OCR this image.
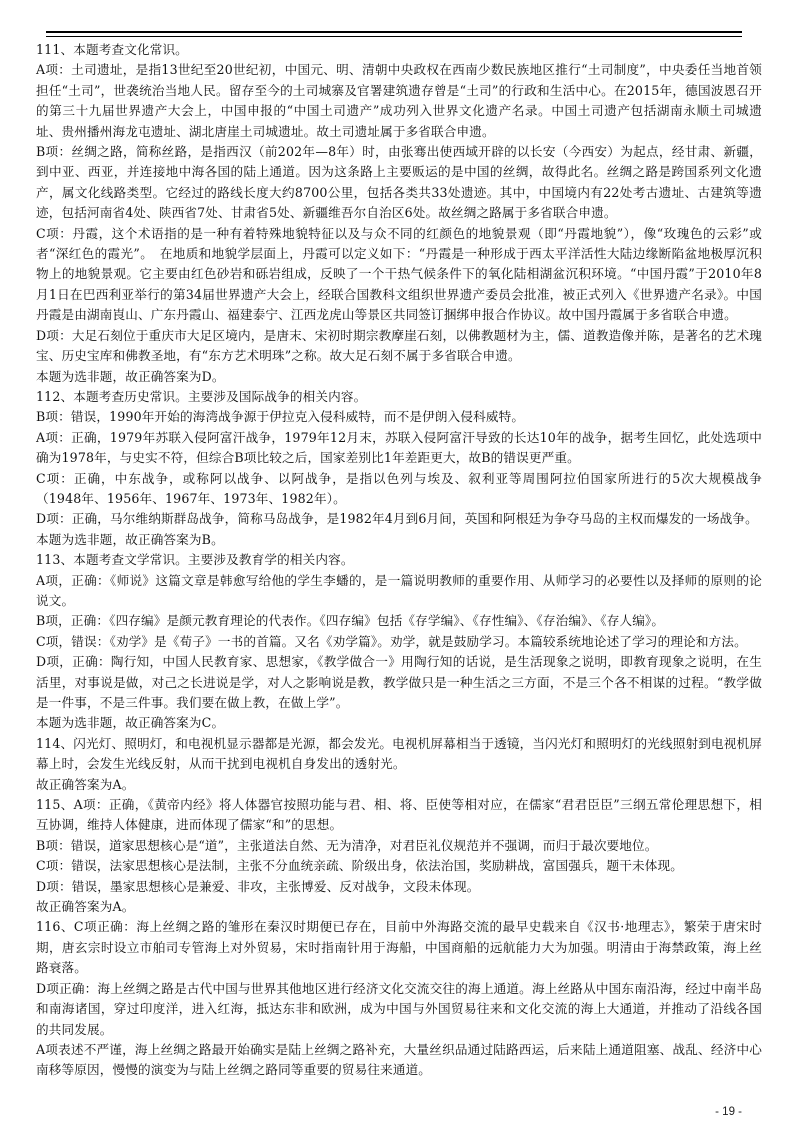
111、本题考查文化常识。

A项：土司遗址，是指13世纪至20世纪初，中国元、明、清朝中央政权在西南少数民族地区推行“土司制度”，中央委任当地首领担任“土司”，世袭统治当地人民。留存至今的土司城寨及官署建筑遗存曾是“土司”的行政和生活中心。在2015年，德国波恩召开的第三十九届世界遗产大会上，中国申报的“中国土司遗产”成功列入世界文化遗产名录。中国土司遗产包括湖南永顺土司城遗址、贵州播州海龙屯遗址、湖北唐崖土司城遗址。故土司遗址属于多省联合申遗。

B项：丝绸之路，简称丝路，是指西汉（前202年—8年）时，由张骞出使西域开辟的以长安（今西安）为起点，经甘肃、新疆，到中亚、西亚，并连接地中海各国的陆上通道。因为这条路上主要贩运的是中国的丝绸，故得此名。丝绸之路是跨国系列文化遗产，属文化线路类型。它经过的路线长度大约8700公里，包括各类共33处遗迹。其中，中国境内有22处考古遗址、古建筑等遗迹，包括河南省4处、陕西省7处、甘肃省5处、新疆维吾尔自治区6处。故丝绸之路属于多省联合申遗。

C项：丹霞，这个术语指的是一种有着特殊地貌特征以及与众不同的红颜色的地貌景观（即“丹霞地貌”），像“玫瑰色的云彩”或者“深红色的霞光”。　在地质和地貌学层面上，丹霞可以定义如下：“丹霞是一种形成于西太平洋活性大陆边缘断陷盆地极厚沉积物上的地貌景观。它主要由红色砂岩和砾岩组成，反映了一个干热气候条件下的氧化陆相湖盆沉积环境。“中国丹霞”于2010年8月1日在巴西利亚举行的第34届世界遗产大会上，经联合国教科文组织世界遗产委员会批准，被正式列入《世界遗产名录》。中国丹霞是由湖南崀山、广东丹霞山、福建泰宁、江西龙虎山等景区共同签订捆绑申报合作协议。故中国丹霞属于多省联合申遗。

D项：大足石刻位于重庆市大足区境内，是唐末、宋初时期宗教摩崖石刻，以佛教题材为主，儒、道教造像并陈，是著名的艺术瑰宝、历史宝库和佛教圣地，有“东方艺术明珠”之称。故大足石刻不属于多省联合申遗。

本题为选非题，故正确答案为D。

112、本题考查历史常识。主要涉及国际战争的相关内容。

B项：错误，1990年开始的海湾战争源于伊拉克入侵科威特，而不是伊朗入侵科威特。

A项：正确，1979年苏联入侵阿富汗战争，1979年12月末，苏联入侵阿富汗导致的长达10年的战争，据考生回忆，此处选项中确为1978年，与史实不符，但综合B项比较之后，国家差别比1年差距更大，故B的错误更严重。

C项：正确，中东战争，或称阿以战争、以阿战争，是指以色列与埃及、叙利亚等周围阿拉伯国家所进行的5次大规模战争（1948年、1956年、1967年、1973年、1982年）。

D项：正确，马尔维纳斯群岛战争，简称马岛战争，是1982年4月到6月间，英国和阿根廷为争夺马岛的主权而爆发的一场战争。

本题为选非题，故正确答案为B。

113、本题考查文学常识。主要涉及教育学的相关内容。

A项，正确：《师说》这篇文章是韩愈写给他的学生李蟠的，是一篇说明教师的重要作用、从师学习的必要性以及择师的原则的论说文。

B项，正确：《四存编》是颜元教育理论的代表作。《四存编》包括《存学编》、《存性编》、《存治编》、《存人编》。

C项，错误：《劝学》是《荀子》一书的首篇。又名《劝学篇》。劝学，就是鼓励学习。本篇较系统地论述了学习的理论和方法。

D项，正确：陶行知，中国人民教育家、思想家，《教学做合一》用陶行知的话说，是生活现象之说明，即教育现象之说明，在生活里，对事说是做，对己之长进说是学，对人之影响说是教，教学做只是一种生活之三方面，不是三个各不相谋的过程。“教学做是一件事，不是三件事。我们要在做上教，在做上学”。

本题为选非题，故正确答案为C。

114、闪光灯、照明灯，和电视机显示器都是光源，都会发光。电视机屏幕相当于透镜，当闪光灯和照明灯的光线照射到电视机屏幕上时，会发生光线反射，从而干扰到电视机自身发出的透射光。

故正确答案为A。

115、A项：正确，《黄帝内经》将人体器官按照功能与君、相、将、臣使等相对应，在儒家“君君臣臣”三纲五常伦理思想下，相互协调，维持人体健康，进而体现了儒家“和”的思想。

B项：错误，道家思想核心是“道”，主张道法自然、无为清净，对君臣礼仪规范并不强调，而归于最次要地位。

C项：错误，法家思想核心是法制，主张不分血统亲疏、阶级出身，依法治国，奖励耕战，富国强兵，题干未体现。

D项：错误，墨家思想核心是兼爱、非攻，主张博爱、反对战争，文段未体现。

故正确答案为A。

116、C项正确：海上丝绸之路的雏形在秦汉时期便已存在，目前中外海路交流的最早史载来自《汉书·地理志》，繁荣于唐宋时期，唐玄宗时设立市舶司专管海上对外贸易，宋时指南针用于海船，中国商船的远航能力大为加强。明清由于海禁政策，海上丝路衰落。

D项正确：海上丝绸之路是古代中国与世界其他地区进行经济文化交流交往的海上通道。海上丝路从中国东南沿海，经过中南半岛和南海诸国，穿过印度洋，进入红海，抵达东非和欧洲，成为中国与外国贸易往来和文化交流的海上大通道，并推动了沿线各国的共同发展。

A项表述不严谨，海上丝绸之路最开始确实是陆上丝绸之路补充，大量丝织品通过陆路西运，后来陆上通道阻塞、战乱、经济中心南移等原因，慢慢的演变为与陆上丝绸之路同等重要的贸易往来通道。

- 19 -
